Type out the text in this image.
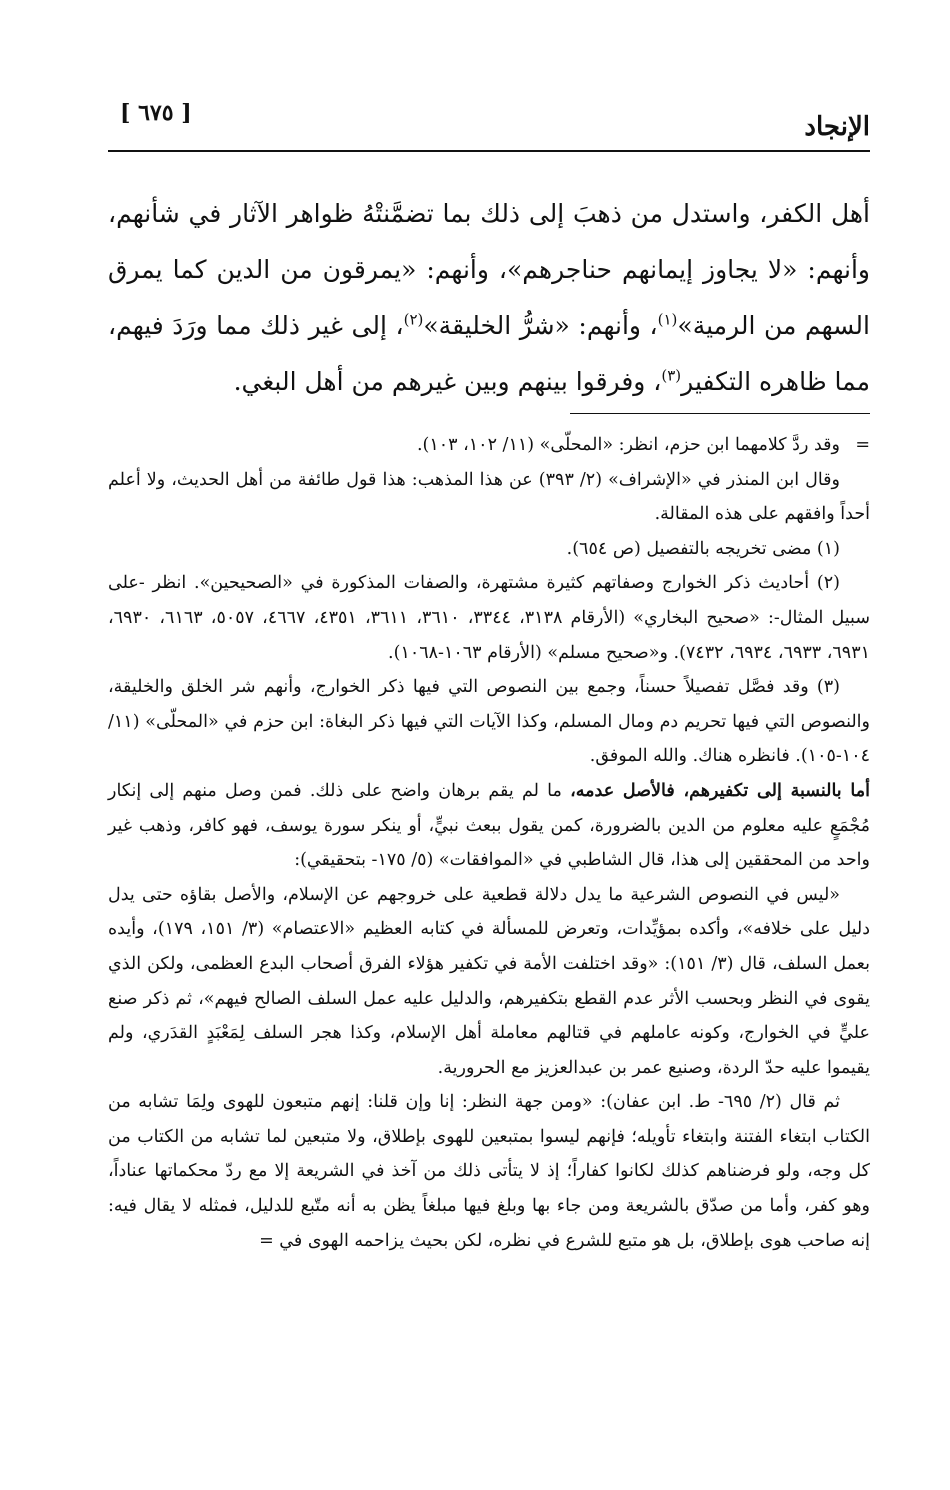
الإنجاد
[ ٦٧٥ ]

أهل الكفر، واستدل من ذهبَ إلى ذلك بما تضمَّنتْهُ ظواهر الآثار في شأنهم، وأنهم: «لا يجاوز إيمانهم حناجرهم»، وأنهم: «يمرقون من الدين كما يمرق السهم من الرمية»$^{(١)}$، وأنهم: «شرُّ الخليقة»$^{(٢)}$، إلى غير ذلك مما ورَدَ فيهم، مما ظاهره التكفير$^{(٣)}$، وفرقوا بينهم وبين غيرهم من أهل البغي.

=
وقد ردَّ كلامهما ابن حزم، انظر: «المحلّى» (١١/ ١٠٢، ١٠٣).

وقال ابن المنذر في «الإشراف» (٢/ ٣٩٣) عن هذا المذهب: هذا قول طائفة من أهل الحديث، ولا أعلم أحداً وافقهم على هذه المقالة.

(١) مضى تخريجه بالتفصيل (ص ٦٥٤).

(٢) أحاديث ذكر الخوارج وصفاتهم كثيرة مشتهرة، والصفات المذكورة في «الصحيحين». انظر -على سبيل المثال-: «صحيح البخاري» (الأرقام ٣١٣٨، ٣٣٤٤، ٣٦١٠، ٣٦١١، ٤٣٥١، ٤٦٦٧، ٥٠٥٧، ٦١٦٣، ٦٩٣٠، ٦٩٣١، ٦٩٣٣، ٦٩٣٤، ٧٤٣٢). و«صحيح مسلم» (الأرقام ١٠٦٣-١٠٦٨).

(٣) وقد فصَّل تفصيلاً حسناً، وجمع بين النصوص التي فيها ذكر الخوارج، وأنهم شر الخلق والخليقة، والنصوص التي فيها تحريم دم ومال المسلم، وكذا الآيات التي فيها ذكر البغاة: ابن حزم في «المحلّى» (١١/ ١٠٤-١٠٥). فانظره هناك. والله الموفق.

أما بالنسبة إلى تكفيرهم، فالأصل عدمه، ما لم يقم برهان واضح على ذلك. فمن وصل منهم إلى إنكار مُجْمَعٍ عليه معلوم من الدين بالضرورة، كمن يقول ببعث نبيٍّ، أو ينكر سورة يوسف، فهو كافر، وذهب غير واحد من المحققين إلى هذا، قال الشاطبي في «الموافقات» (٥/ ١٧٥- بتحقيقي):

«ليس في النصوص الشرعية ما يدل دلالة قطعية على خروجهم عن الإسلام، والأصل بقاؤه حتى يدل دليل على خلافه»، وأكده بمؤيِّدات، وتعرض للمسألة في كتابه العظيم «الاعتصام» (٣/ ١٥١، ١٧٩)، وأيده بعمل السلف، قال (٣/ ١٥١): «وقد اختلفت الأمة في تكفير هؤلاء الفرق أصحاب البدع العظمى، ولكن الذي يقوى في النظر وبحسب الأثر عدم القطع بتكفيرهم، والدليل عليه عمل السلف الصالح فيهم»، ثم ذكر صنع عليٍّ في الخوارج، وكونه عاملهم في قتالهم معاملة أهل الإسلام، وكذا هجر السلف لِمَعْبَدٍ القدَري، ولم يقيموا عليه حدّ الردة، وصنيع عمر بن عبدالعزيز مع الحرورية.

ثم قال (٢/ ٦٩٥- ط. ابن عفان): «ومن جهة النظر: إنا وإن قلنا: إنهم متبعون للهوى ولِمَا تشابه من الكتاب ابتغاء الفتنة وابتغاء تأويله؛ فإنهم ليسوا بمتبعين للهوى بإطلاق، ولا متبعين لما تشابه من الكتاب من كل وجه، ولو فرضناهم كذلك لكانوا كفاراً؛ إذ لا يتأتى ذلك من آخذ في الشريعة إلا مع ردّ محكماتها عناداً، وهو كفر، وأما من صدّق بالشريعة ومن جاء بها وبلغ فيها مبلغاً يظن به أنه متّبع للدليل، فمثله لا يقال فيه: إنه صاحب هوى بإطلاق، بل هو متبع للشرع في نظره، لكن بحيث يزاحمه الهوى في =
